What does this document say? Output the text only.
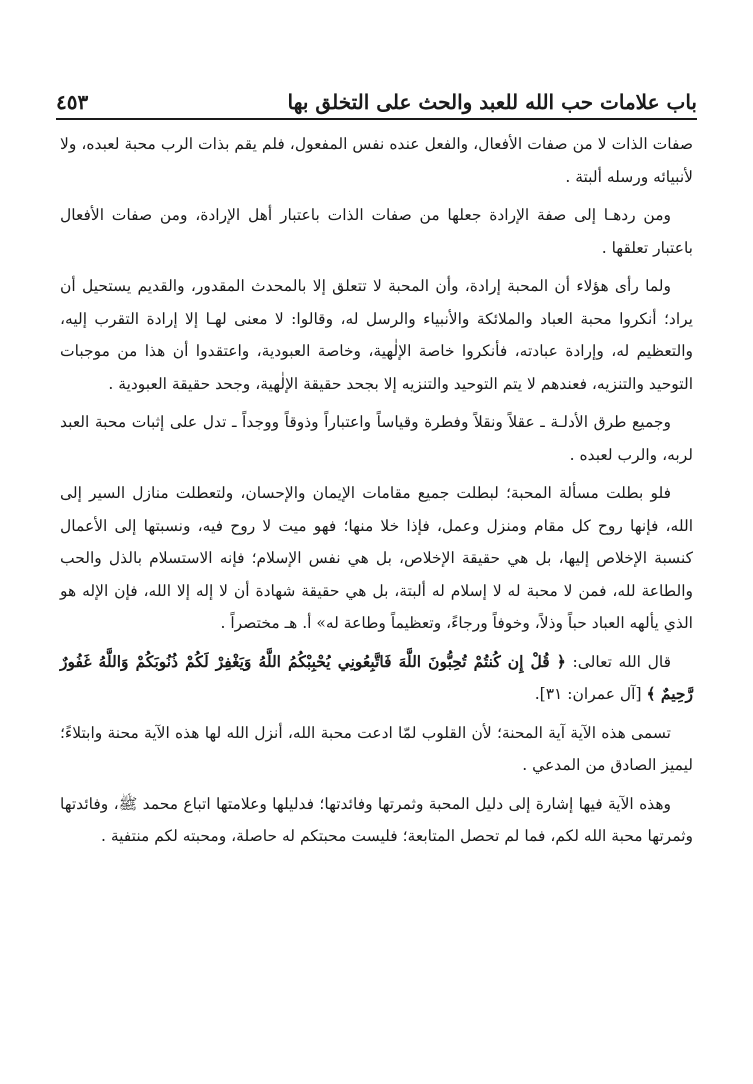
باب علامات حب الله للعبد والحث على التخلق بها
٤٥٣

صفات الذات لا من صفات الأفعال، والفعل عنده نفس المفعول، فلم يقم بذات الرب محبة لعبده، ولا لأنبيائه ورسله ألبتة .

ومن ردهـا إلى صفة الإرادة جعلها من صفات الذات باعتبار أهل الإرادة، ومن صفات الأفعال باعتبار تعلقها .

ولما رأى هؤلاء أن المحبة إرادة، وأن المحبة لا تتعلق إلا بالمحدث المقدور، والقديم يستحيل أن يراد؛ أنكروا محبة العباد والملائكة والأنبياء والرسل له، وقالوا: لا معنى لهـا إلا إرادة التقرب إليه، والتعظيم له، وإرادة عبادته، فأنكروا خاصة الإلٰهية، وخاصة العبودية، واعتقدوا أن هذا من موجبات التوحيد والتنزيه، فعندهم لا يتم التوحيد والتنزيه إلا بجحد حقيقة الإلٰهية، وجحد حقيقة العبودية .

وجميع طرق الأدلـة ـ عقلاً ونقلاً وفطرة وقياساً واعتباراً وذوقاً ووجداً ـ تدل على إثبات محبة العبد لربه، والرب لعبده .

فلو بطلت مسألة المحبة؛ لبطلت جميع مقامات الإيمان والإحسان، ولتعطلت منازل السير إلى الله، فإنها روح كل مقام ومنزل وعمل، فإذا خلا منها؛ فهو ميت لا روح فيه، ونسبتها إلى الأعمال كنسبة الإخلاص إليها، بل هي حقيقة الإخلاص، بل هي نفس الإسلام؛ فإنه الاستسلام بالذل والحب والطاعة لله، فمن لا محبة له لا إسلام له ألبتة، بل هي حقيقة شهادة أن لا إله إلا الله، فإن الإله هو الذي يألهه العباد حباً وذلاً، وخوفاً ورجاءً، وتعظيماً وطاعة له» أ. هـ مختصراً .

قال الله تعالى: ﴿ قُلْ إِن كُنتُمْ تُحِبُّونَ اللَّهَ فَاتَّبِعُونِي يُحْبِبْكُمُ اللَّهُ وَيَغْفِرْ لَكُمْ ذُنُوبَكُمْ وَاللَّهُ غَفُورٌ رَّحِيمٌ ﴾ [آل عمران: ٣١].

تسمى هذه الآية آية المحنة؛ لأن القلوب لمّا ادعت محبة الله، أنزل الله لها هذه الآية محنة وابتلاءً؛ ليميز الصادق من المدعي .

وهذه الآية فيها إشارة إلى دليل المحبة وثمرتها وفائدتها؛ فدليلها وعلامتها اتباع محمد ﷺ، وفائدتها وثمرتها محبة الله لكم، فما لم تحصل المتابعة؛ فليست محبتكم له حاصلة، ومحبته لكم منتفية .
